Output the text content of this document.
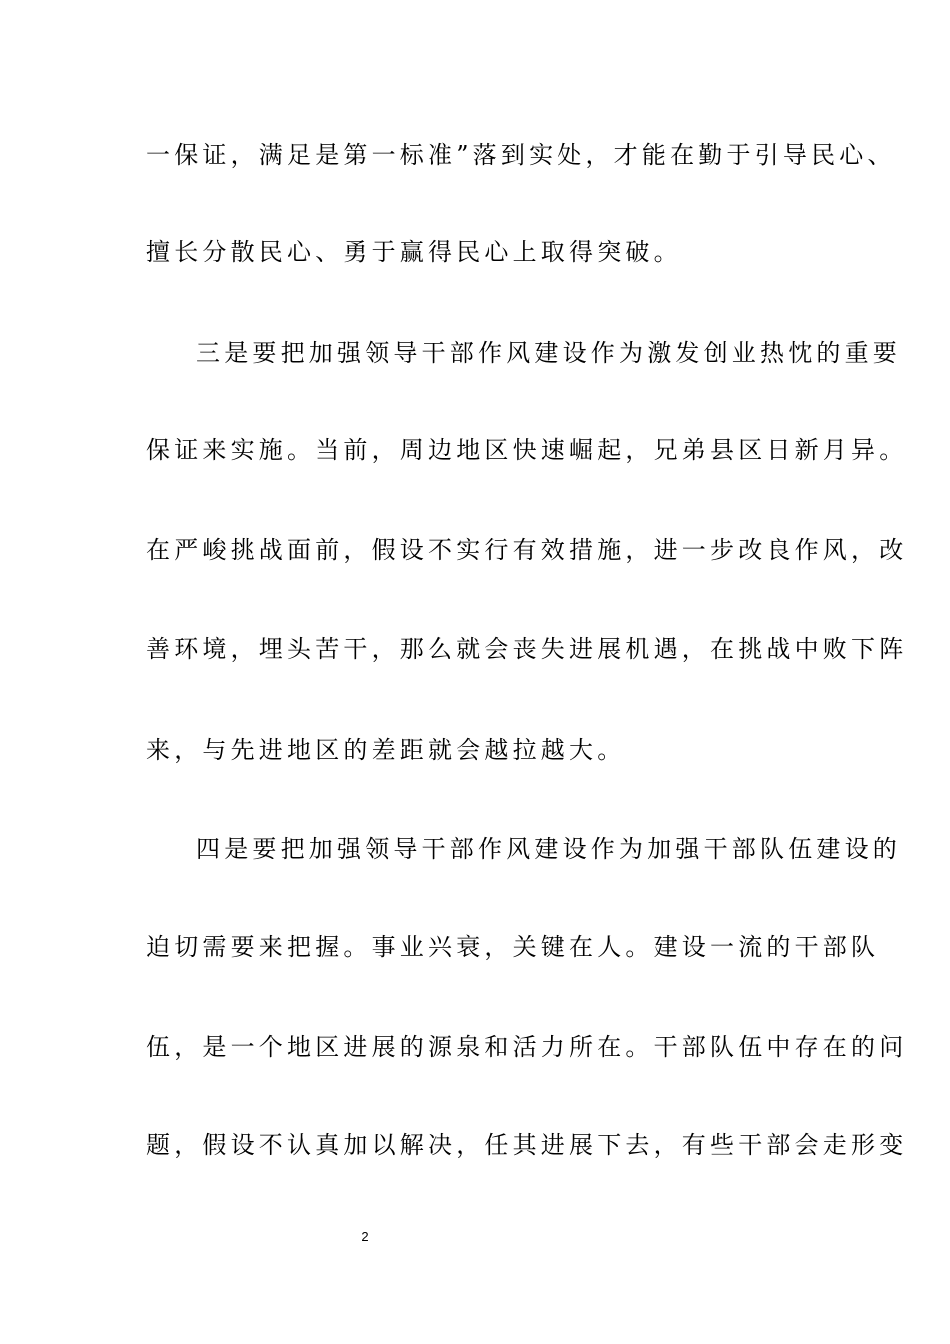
一保证，满足是第一标准”落到实处，才能在勤于引导民心、
擅长分散民心、勇于赢得民心上取得突破。
三是要把加强领导干部作风建设作为激发创业热忱的重要
保证来实施。当前，周边地区快速崛起，兄弟县区日新月异。
在严峻挑战面前，假设不实行有效措施，进一步改良作风，改
善环境，埋头苦干，那么就会丧失进展机遇，在挑战中败下阵
来，与先进地区的差距就会越拉越大。
四是要把加强领导干部作风建设作为加强干部队伍建设的
迫切需要来把握。事业兴衰，关键在人。建设一流的干部队
伍，是一个地区进展的源泉和活力所在。干部队伍中存在的问
题，假设不认真加以解决，任其进展下去，有些干部会走形变
2
